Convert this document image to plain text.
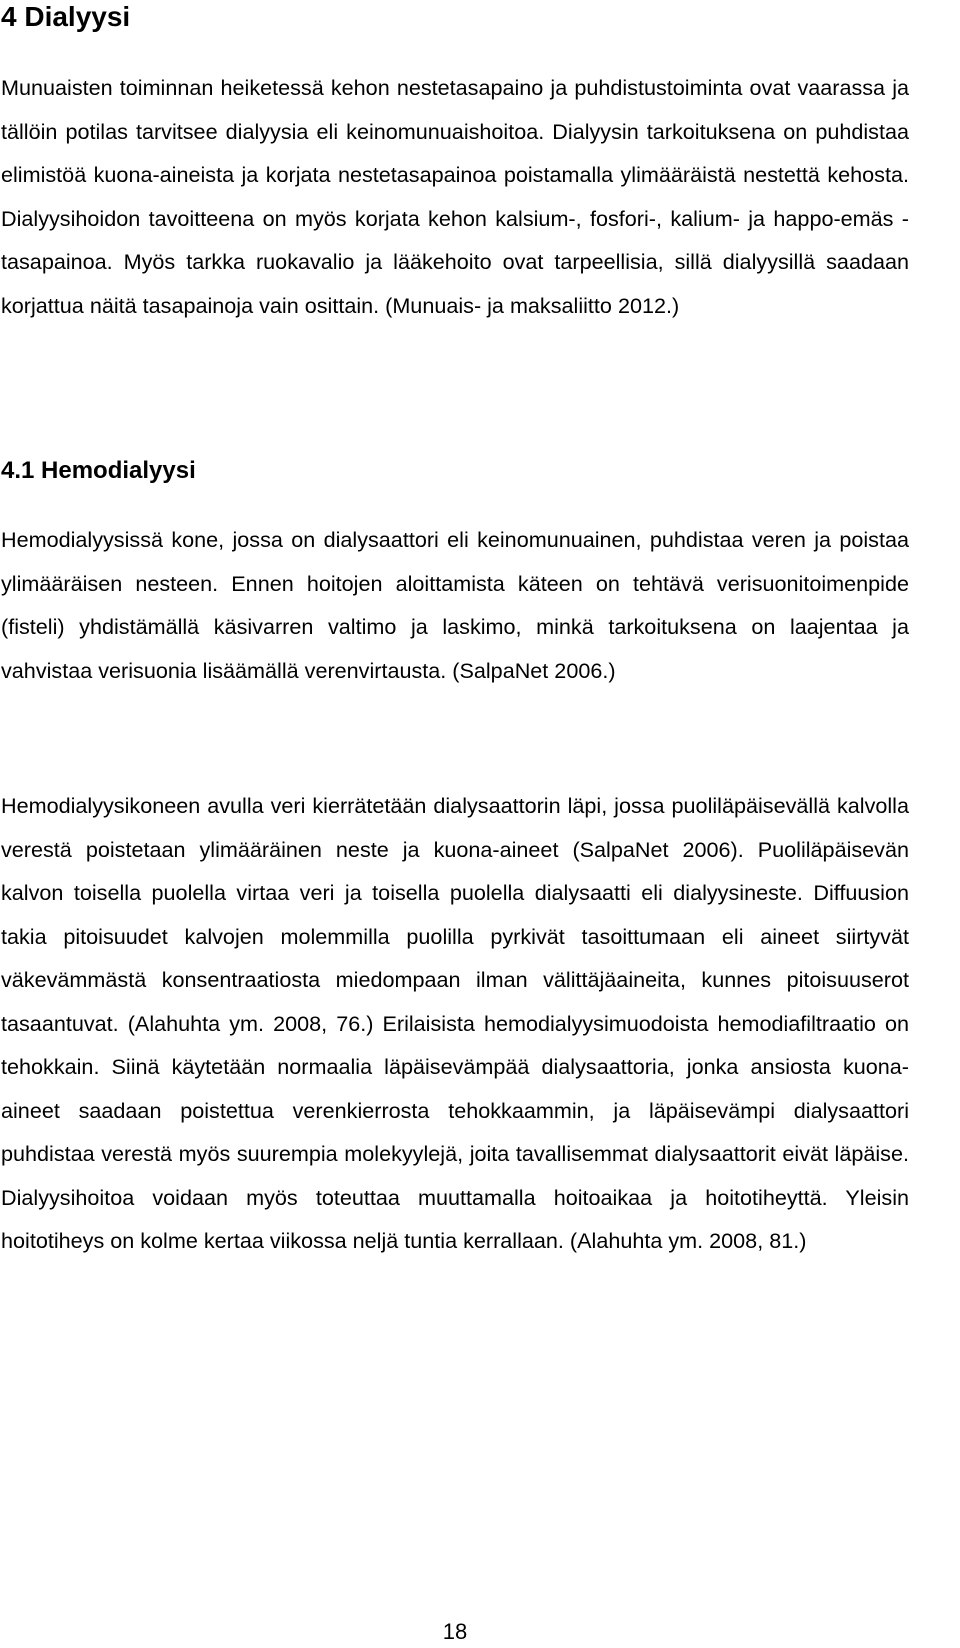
4 Dialyysi

Munuaisten toiminnan heiketessä kehon nestetasapaino ja puhdistustoiminta ovat vaarassa ja tällöin potilas tarvitsee dialyysia eli keinomunuaishoitoa. Dialyysin tarkoituksena on puhdistaa elimistöä kuona-aineista ja korjata nestetasapainoa poistamalla ylimääräistä nestettä kehosta. Dialyysihoidon tavoitteena on myös korjata kehon kalsium-, fosfori-, kalium- ja happo-emäs -tasapainoa. Myös tarkka ruokavalio ja lääkehoito ovat tarpeellisia, sillä dialyysillä saadaan korjattua näitä tasapainoja vain osittain. (Munuais- ja maksaliitto 2012.)

4.1 Hemodialyysi

Hemodialyysissä kone, jossa on dialysaattori eli keinomunuainen, puhdistaa veren ja poistaa ylimääräisen nesteen. Ennen hoitojen aloittamista käteen on tehtävä verisuonitoimenpide (fisteli) yhdistämällä käsivarren valtimo ja laskimo, minkä tarkoituksena on laajentaa ja vahvistaa verisuonia lisäämällä verenvirtausta. (SalpaNet 2006.)

Hemodialyysikoneen avulla veri kierrätetään dialysaattorin läpi, jossa puoliläpäisevällä kalvolla verestä poistetaan ylimääräinen neste ja kuona-aineet (SalpaNet 2006). Puoliläpäisevän kalvon toisella puolella virtaa veri ja toisella puolella dialysaatti eli dialyysineste. Diffuusion takia pitoisuudet kalvojen molemmilla puolilla pyrkivät tasoittumaan eli aineet siirtyvät väkevämmästä konsentraatiosta miedompaan ilman välittäjäaineita, kunnes pitoisuuserot tasaantuvat. (Alahuhta ym. 2008, 76.) Erilaisista hemodialyysimuodoista hemodiafiltraatio on tehokkain. Siinä käytetään normaalia läpäisevämpää dialysaattoria, jonka ansiosta kuona-aineet saadaan poistettua verenkierrosta tehokkaammin, ja läpäisevämpi dialysaattori puhdistaa verestä myös suurempia molekyylejä, joita tavallisemmat dialysaattorit eivät läpäise. Dialyysihoitoa voidaan myös toteuttaa muuttamalla hoitoaikaa ja hoitotiheyttä. Yleisin hoitotiheys on kolme kertaa viikossa neljä tuntia kerrallaan. (Alahuhta ym. 2008, 81.)

18
